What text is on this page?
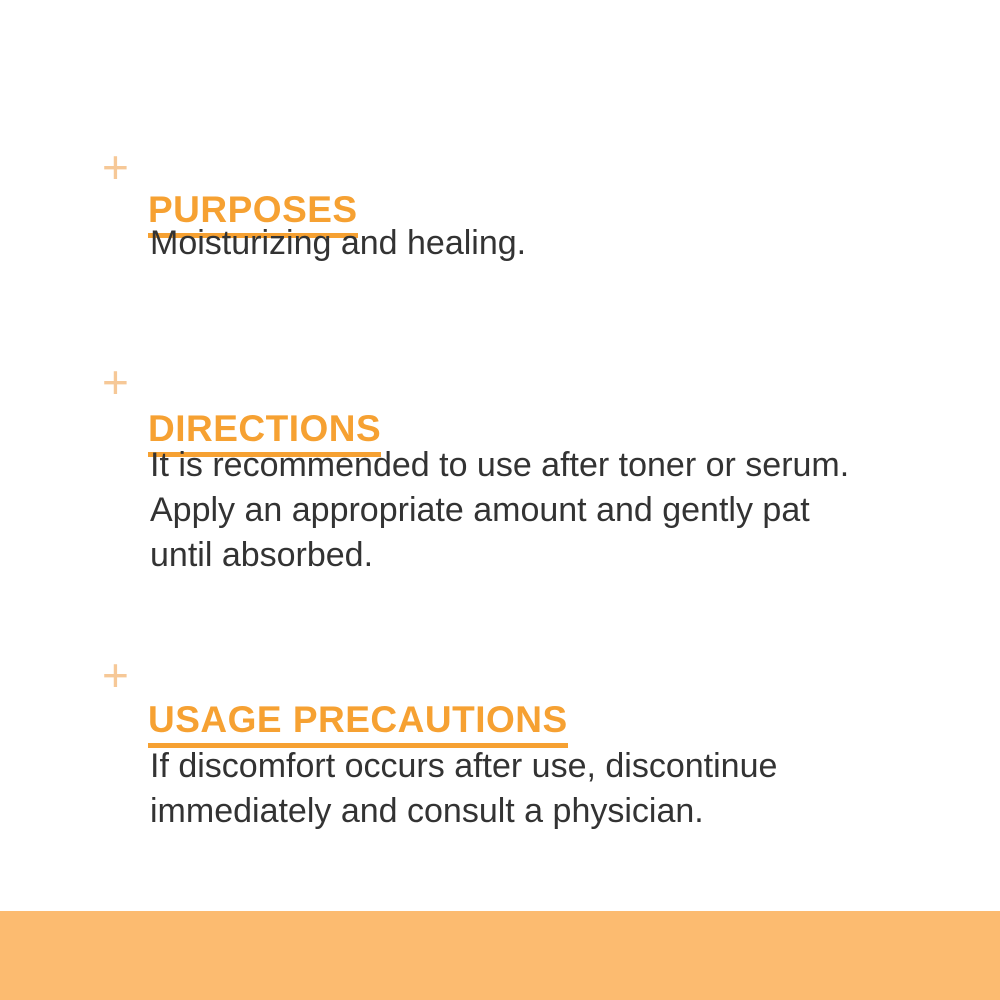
+
PURPOSES
Moisturizing and healing.
+
DIRECTIONS
It is recommended to use after toner or serum.
Apply an appropriate amount and gently pat
until absorbed.
+
USAGE PRECAUTIONS
If discomfort occurs after use, discontinue
immediately and consult a physician.
